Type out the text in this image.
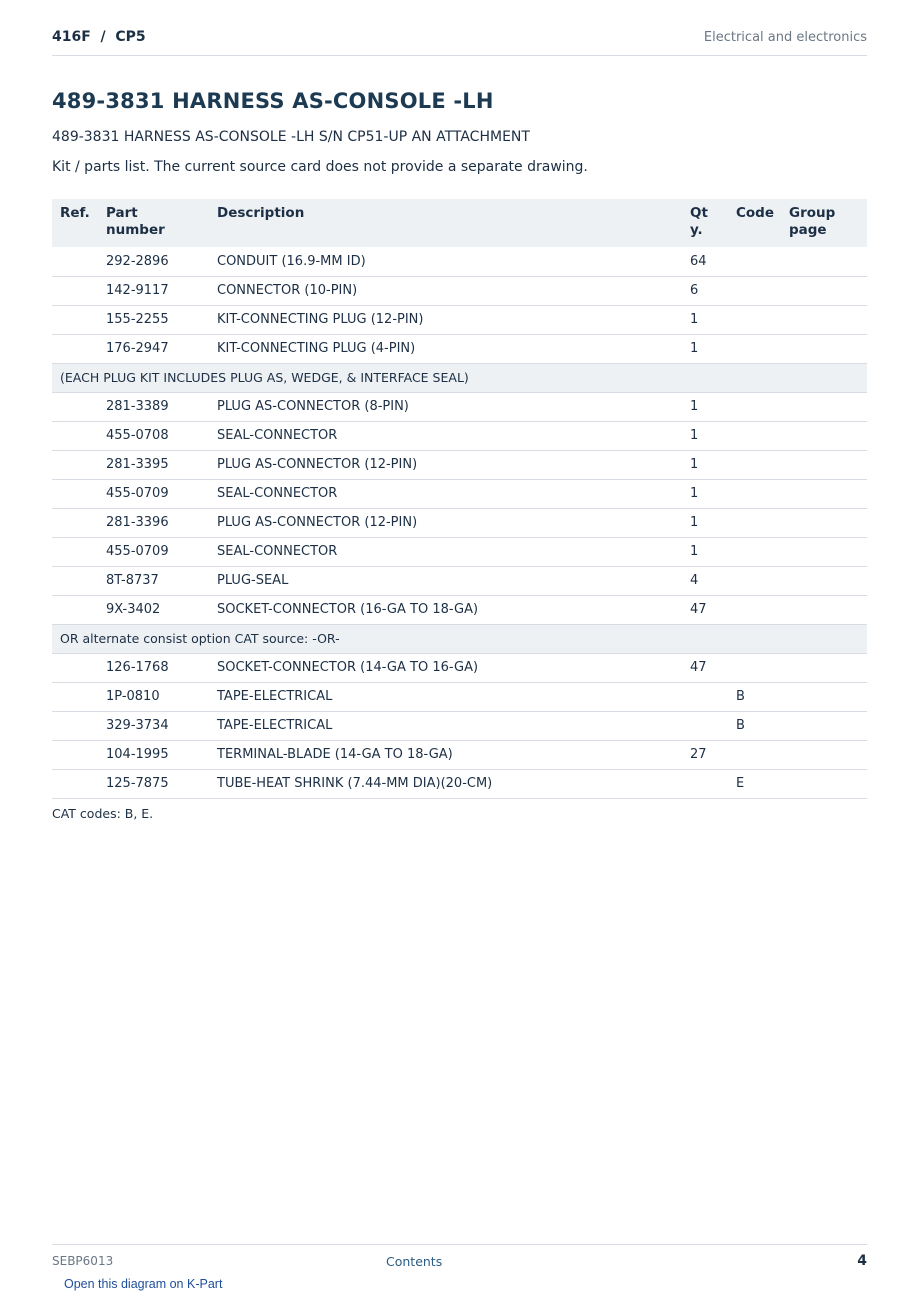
416F  /  CP5	Electrical and electronics
489-3831 HARNESS AS-CONSOLE -LH
489-3831 HARNESS AS-CONSOLE -LH S/N CP51-UP AN ATTACHMENT
Kit / parts list. The current source card does not provide a separate drawing.
Ref.	Part number	Description	Qty.	Code	Group page
	292-2896	CONDUIT (16.9-MM ID)	64		
	142-9117	CONNECTOR (10-PIN)	6		
	155-2255	KIT-CONNECTING PLUG (12-PIN)	1		
	176-2947	KIT-CONNECTING PLUG (4-PIN)	1		
(EACH PLUG KIT INCLUDES PLUG AS, WEDGE, & INTERFACE SEAL)					
	281-3389	PLUG AS-CONNECTOR (8-PIN)	1		
	455-0708	SEAL-CONNECTOR	1		
	281-3395	PLUG AS-CONNECTOR (12-PIN)	1		
	455-0709	SEAL-CONNECTOR	1		
	281-3396	PLUG AS-CONNECTOR (12-PIN)	1		
	455-0709	SEAL-CONNECTOR	1		
	8T-8737	PLUG-SEAL	4		
	9X-3402	SOCKET-CONNECTOR (16-GA TO 18-GA)	47		
OR alternate consist option CAT source: -OR-					
	126-1768	SOCKET-CONNECTOR (14-GA TO 16-GA)	47		
	1P-0810	TAPE-ELECTRICAL		B	
	329-3734	TAPE-ELECTRICAL		B	
	104-1995	TERMINAL-BLADE (14-GA TO 18-GA)	27		
	125-7875	TUBE-HEAT SHRINK (7.44-MM DIA)(20-CM)		E	
CAT codes: B, E.
SEBP6013	Contents	4
Open this diagram on K-Part
